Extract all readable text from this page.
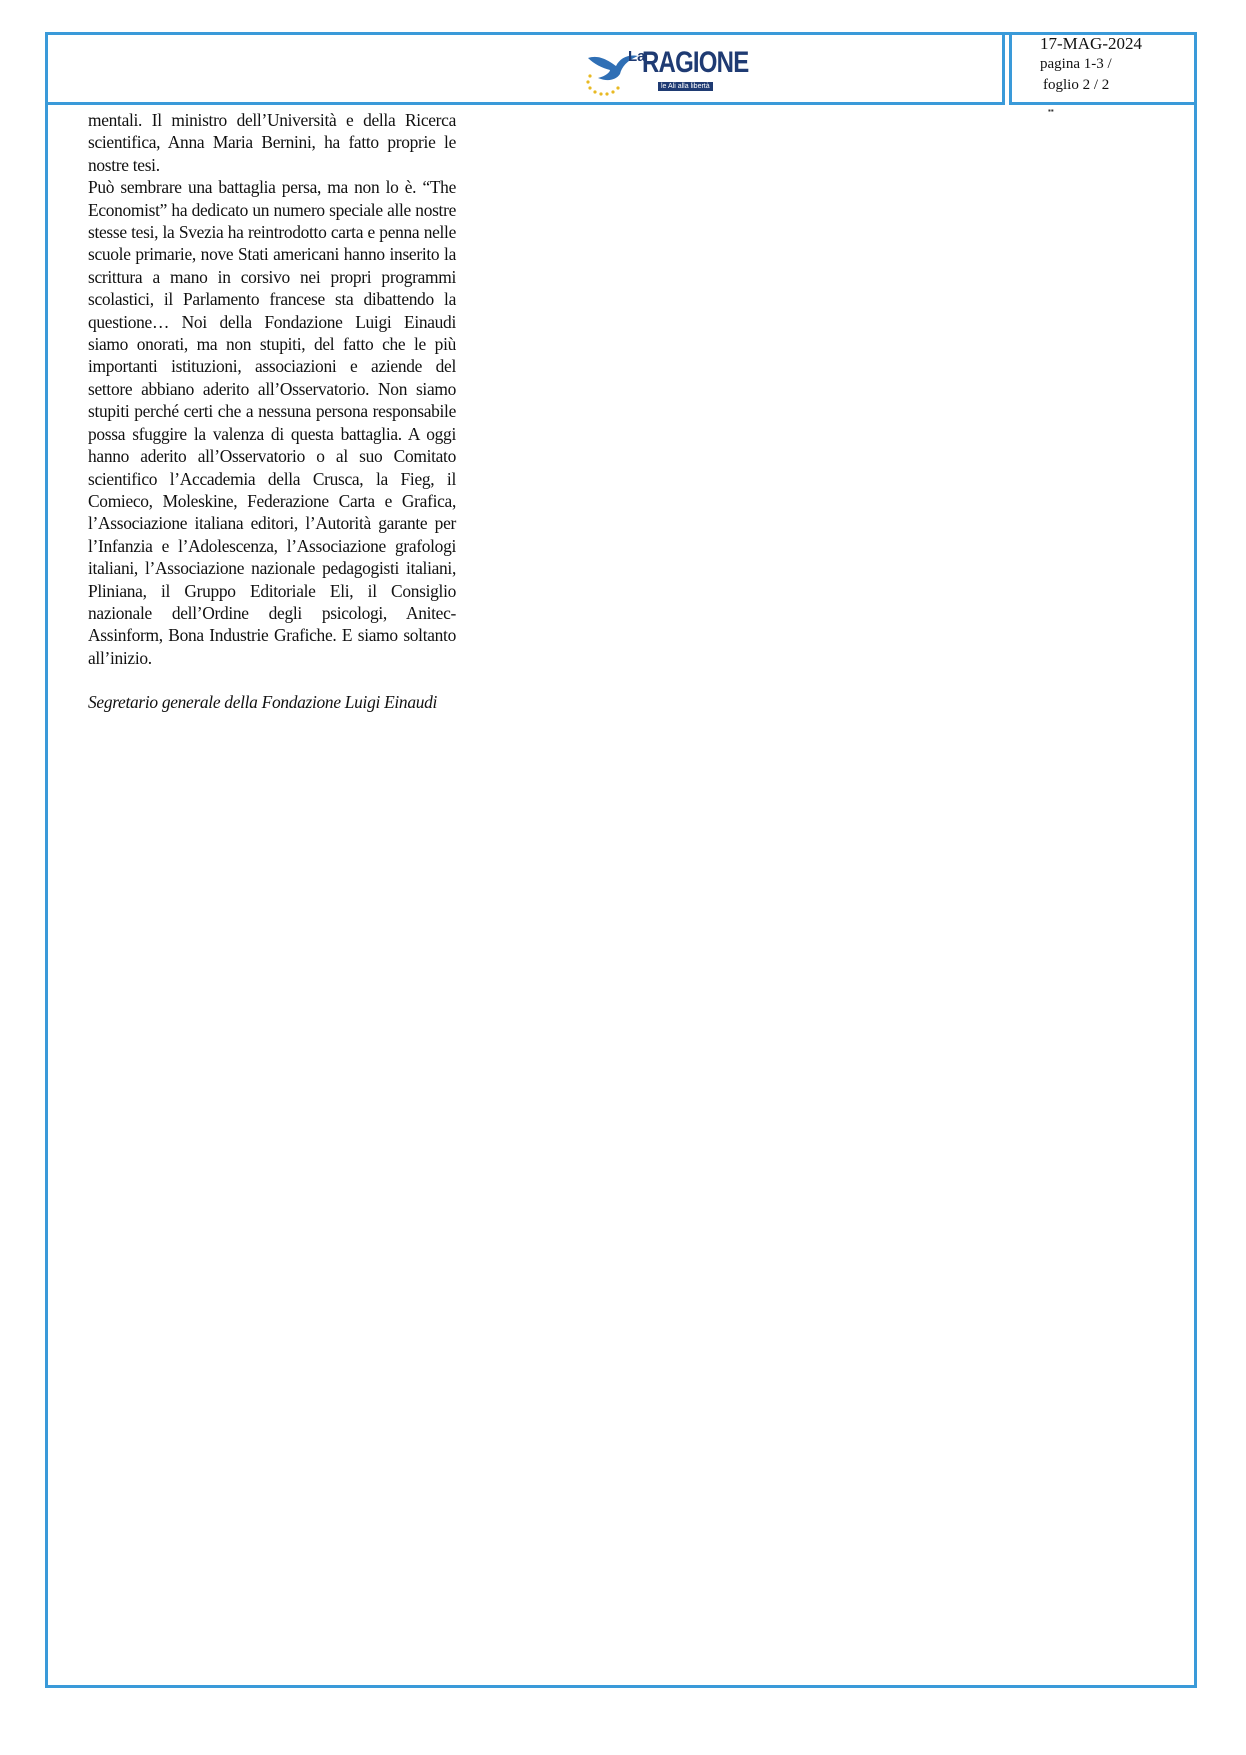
La
RAGIONE
le Ali alla libertà
17-MAG-2024
pagina 1-3 /
foglio 2 / 2
▪▪

mentali. Il ministro dell’Università e della Ricerca scientifica, Anna Maria Bernini, ha fatto proprie le nostre tesi.

Può sembrare una battaglia persa, ma non lo è. “The Economist” ha dedicato un numero speciale alle nostre stesse tesi, la Svezia ha reintrodotto carta e penna nelle scuole primarie, nove Stati americani hanno inserito la scrittura a mano in corsivo nei propri programmi scolastici, il Parlamento francese sta dibattendo la questione… Noi della Fondazione Luigi Einaudi siamo onorati, ma non stupiti, del fatto che le più importanti istituzioni, associazioni e aziende del settore abbiano aderito all’Osservatorio. Non siamo stupiti perché certi che a nessuna persona responsabile possa sfuggire la valenza di questa battaglia. A oggi hanno aderito all’Osservatorio o al suo Comitato scientifico l’Accademia della Crusca, la Fieg, il Comieco, Moleskine, Federazione Carta e Grafica, l’Associazione italiana editori, l’Autorità garante per l’Infanzia e l’Adolescenza, l’Associazione grafologi italiani, l’Associazione nazionale pedagogisti italiani, Pliniana, il Gruppo Editoriale Eli, il Consiglio nazionale dell’Ordine degli psicologi, Anitec-Assinform, Bona Industrie Grafiche. E siamo soltanto all’inizio.

Segretario generale della Fondazione Luigi Einaudi
